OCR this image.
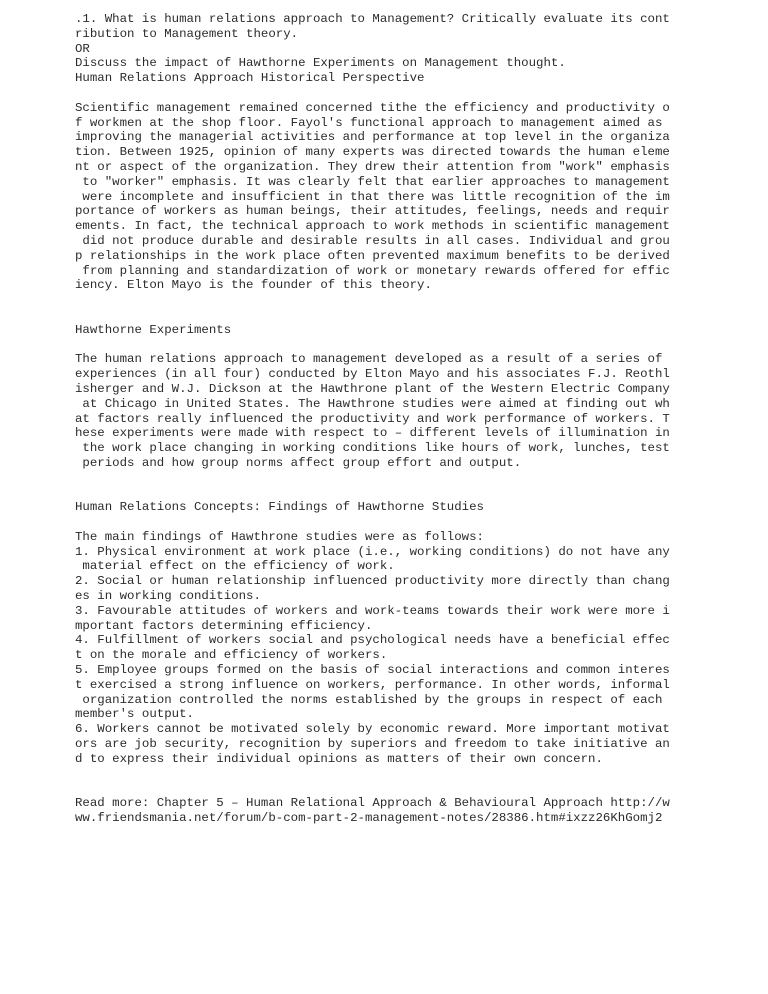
.1. What is human relations approach to Management? Critically evaluate its cont
ribution to Management theory.
OR
Discuss the impact of Hawthorne Experiments on Management thought.
Human Relations Approach Historical Perspective
Scientific management remained concerned tithe the efficiency and productivity o
f workmen at the shop floor. Fayol's functional approach to management aimed as
improving the managerial activities and performance at top level in the organiza
tion. Between 1925, opinion of many experts was directed towards the human eleme
nt or aspect of the organization. They drew their attention from "work" emphasis
to "worker" emphasis. It was clearly felt that earlier approaches to management
were incomplete and insufficient in that there was little recognition of the im
portance of workers as human beings, their attitudes, feelings, needs and requir
ements. In fact, the technical approach to work methods in scientific management
did not produce durable and desirable results in all cases. Individual and grou
p relationships in the work place often prevented maximum benefits to be derived
from planning and standardization of work or monetary rewards offered for effic
iency. Elton Mayo is the founder of this theory.
Hawthorne Experiments
The human relations approach to management developed as a result of a series of
experiences (in all four) conducted by Elton Mayo and his associates F.J. Reothl
isherger and W.J. Dickson at the Hawthrone plant of the Western Electric Company
at Chicago in United States. The Hawthrone studies were aimed at finding out wh
at factors really influenced the productivity and work performance of workers. T
hese experiments were made with respect to – different levels of illumination in
the work place changing in working conditions like hours of work, lunches, test
periods and how group norms affect group effort and output.
Human Relations Concepts: Findings of Hawthorne Studies
The main findings of Hawthrone studies were as follows:
1. Physical environment at work place (i.e., working conditions) do not have any
material effect on the efficiency of work.
2. Social or human relationship influenced productivity more directly than chang
es in working conditions.
3. Favourable attitudes of workers and work-teams towards their work were more i
mportant factors determining efficiency.
4. Fulfillment of workers social and psychological needs have a beneficial effec
t on the morale and efficiency of workers.
5. Employee groups formed on the basis of social interactions and common interes
t exercised a strong influence on workers, performance. In other words, informal
organization controlled the norms established by the groups in respect of each
member's output.
6. Workers cannot be motivated solely by economic reward. More important motivat
ors are job security, recognition by superiors and freedom to take initiative an
d to express their individual opinions as matters of their own concern.
Read more: Chapter 5 – Human Relational Approach & Behavioural Approach http://w
ww.friendsmania.net/forum/b-com-part-2-management-notes/28386.htm#ixzz26KhGomj2
